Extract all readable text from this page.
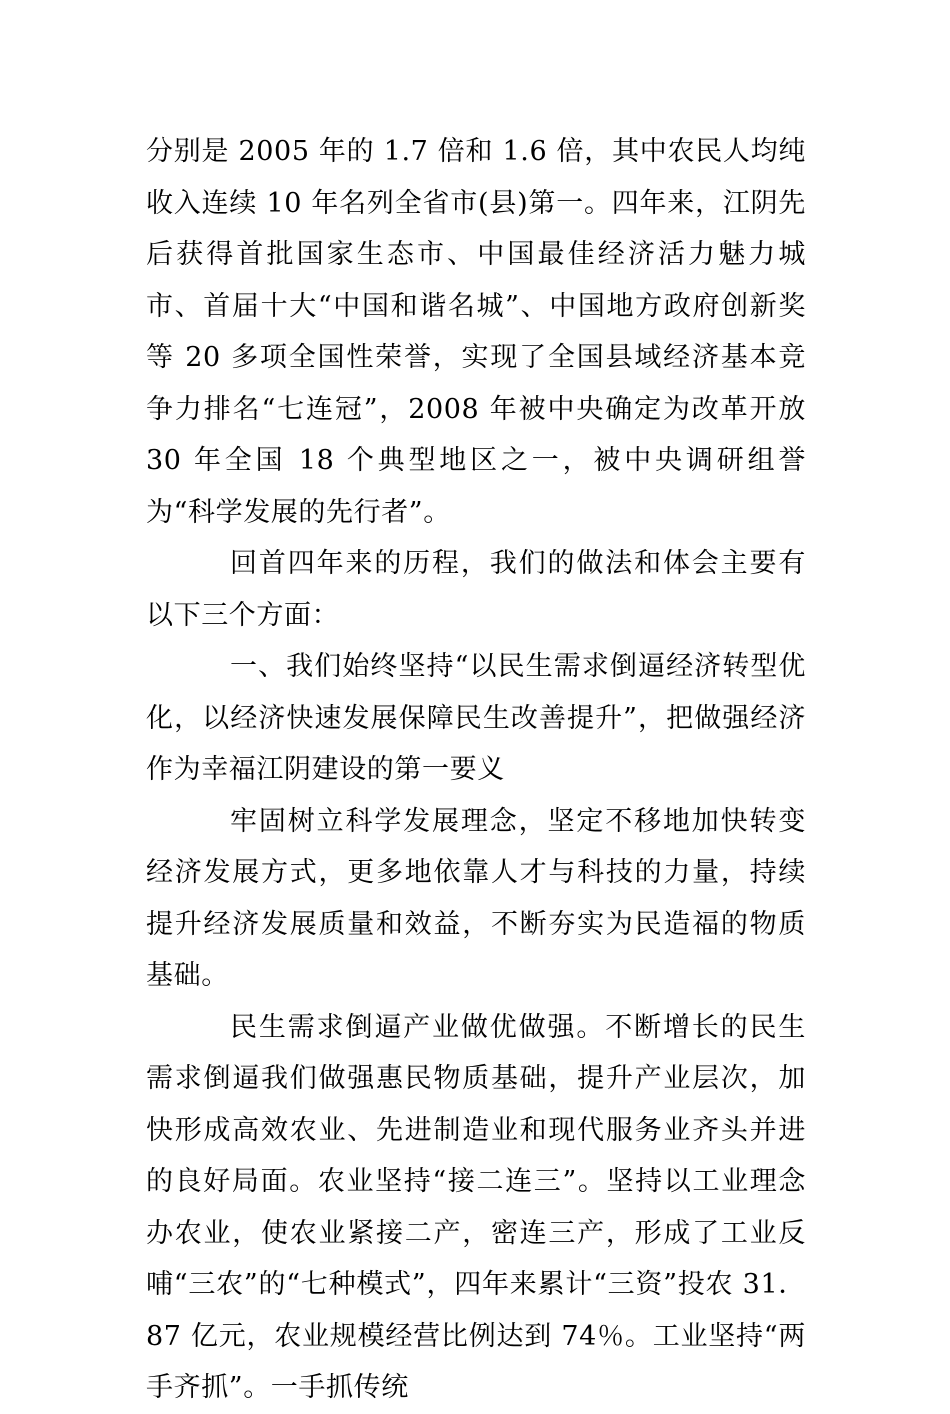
分别是 2005 年的 1.7 倍和 1.6 倍，其中农民人均纯收入连续 10 年名列全省市(县)第一。四年来，江阴先后获得首批国家生态市、中国最佳经济活力魅力城市、首届十大“中国和谐名城”、中国地方政府创新奖等 20 多项全国性荣誉，实现了全国县域经济基本竞争力排名“七连冠”，2008 年被中央确定为改革开放 30 年全国 18 个典型地区之一，被中央调研组誉为“科学发展的先行者”。

回首四年来的历程，我们的做法和体会主要有以下三个方面：

一、我们始终坚持“以民生需求倒逼经济转型优化，以经济快速发展保障民生改善提升”，把做强经济作为幸福江阴建设的第一要义

牢固树立科学发展理念，坚定不移地加快转变经济发展方式，更多地依靠人才与科技的力量，持续提升经济发展质量和效益，不断夯实为民造福的物质基础。

民生需求倒逼产业做优做强。不断增长的民生需求倒逼我们做强惠民物质基础，提升产业层次，加快形成高效农业、先进制造业和现代服务业齐头并进的良好局面。农业坚持“接二连三”。坚持以工业理念办农业，使农业紧接二产，密连三产，形成了工业反哺“三农”的“七种模式”，四年来累计“三资”投农 31．87 亿元，农业规模经营比例达到 74％。工业坚持“两手齐抓”。一手抓传统
